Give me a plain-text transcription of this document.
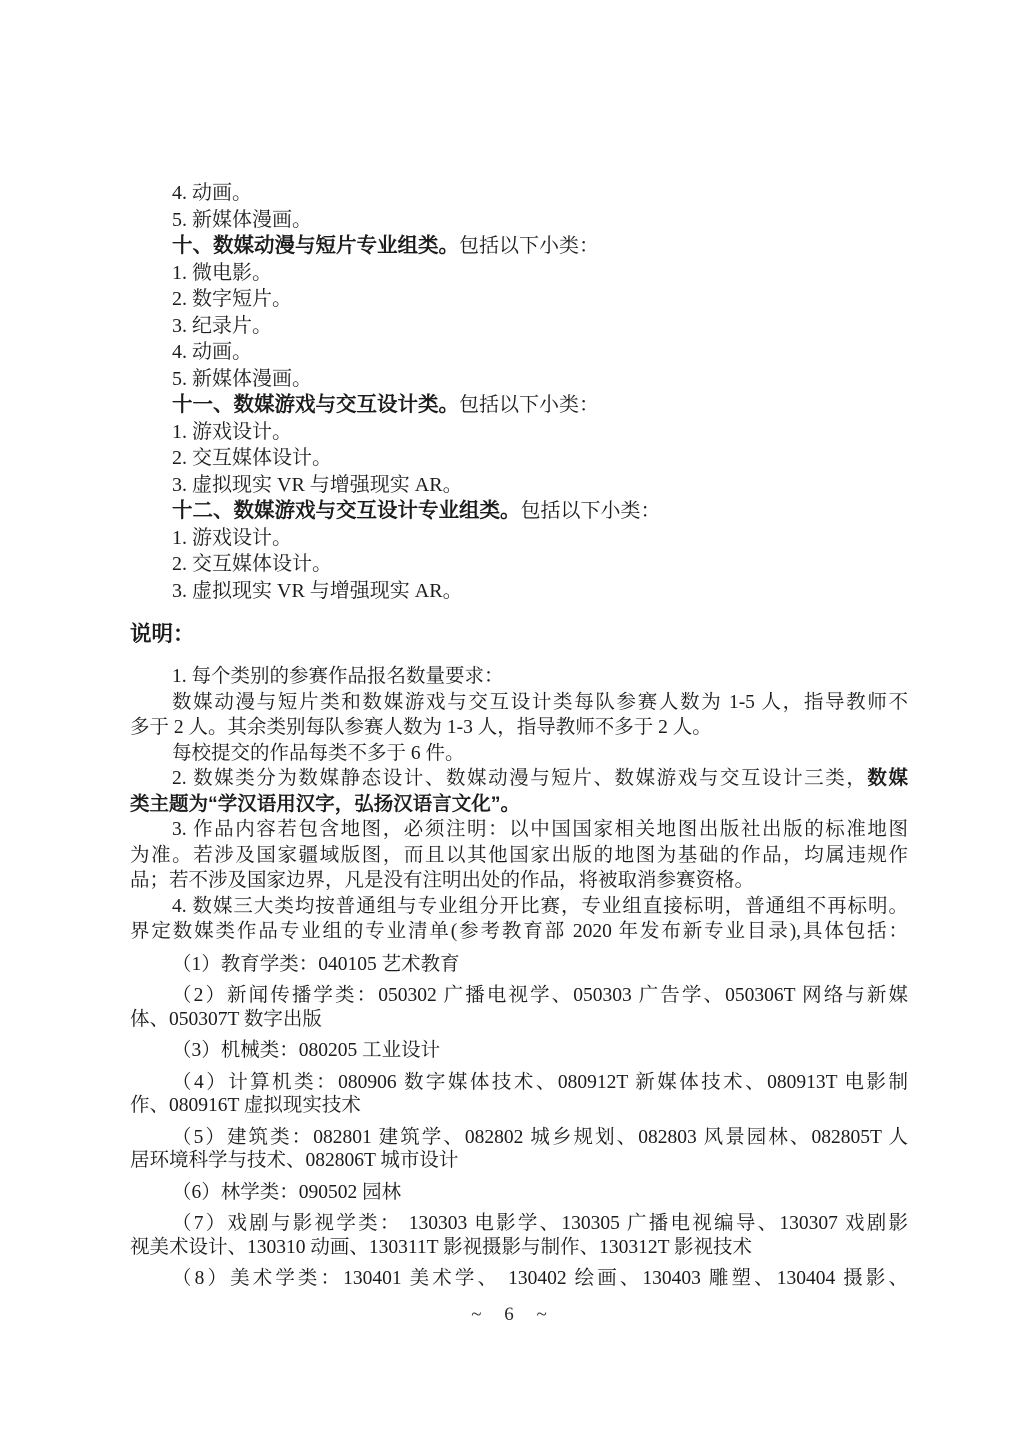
4. 动画。
5. 新媒体漫画。
十、数媒动漫与短片专业组类。包括以下小类：
1. 微电影。
2. 数字短片。
3. 纪录片。
4. 动画。
5. 新媒体漫画。
十一、数媒游戏与交互设计类。包括以下小类：
1. 游戏设计。
2. 交互媒体设计。
3. 虚拟现实 VR 与增强现实 AR。
十二、数媒游戏与交互设计专业组类。包括以下小类：
1. 游戏设计。
2. 交互媒体设计。
3. 虚拟现实 VR 与增强现实 AR。
说明：
1. 每个类别的参赛作品报名数量要求：
数媒动漫与短片类和数媒游戏与交互设计类每队参赛人数为 1-5 人，指导教师不
多于 2 人。其余类别每队参赛人数为 1-3 人，指导教师不多于 2 人。
每校提交的作品每类不多于 6 件。
2. 数媒类分为数媒静态设计、数媒动漫与短片、数媒游戏与交互设计三类，数媒
类主题为“学汉语用汉字，弘扬汉语言文化”。
3. 作品内容若包含地图，必须注明：以中国国家相关地图出版社出版的标准地图
为准。若涉及国家疆域版图，而且以其他国家出版的地图为基础的作品，均属违规作
品；若不涉及国家边界，凡是没有注明出处的作品，将被取消参赛资格。
4. 数媒三大类均按普通组与专业组分开比赛，专业组直接标明，普通组不再标明。
界定数媒类作品专业组的专业清单(参考教育部 2020 年发布新专业目录),具体包括：
（1）教育学类：040105 艺术教育
（2）新闻传播学类：050302 广播电视学、050303 广告学、050306T 网络与新媒
体、050307T 数字出版
（3）机械类：080205 工业设计
（4）计算机类：080906 数字媒体技术、080912T 新媒体技术、080913T 电影制
作、080916T 虚拟现实技术
（5）建筑类：082801 建筑学、082802 城乡规划、082803 风景园林、082805T 人
居环境科学与技术、082806T 城市设计
（6）林学类：090502 园林
（7）戏剧与影视学类： 130303 电影学、130305 广播电视编导、130307 戏剧影
视美术设计、130310 动画、130311T 影视摄影与制作、130312T 影视技术
（8）美术学类：130401 美术学、 130402 绘画、130403 雕塑、130404 摄影、
~ 6 ~
